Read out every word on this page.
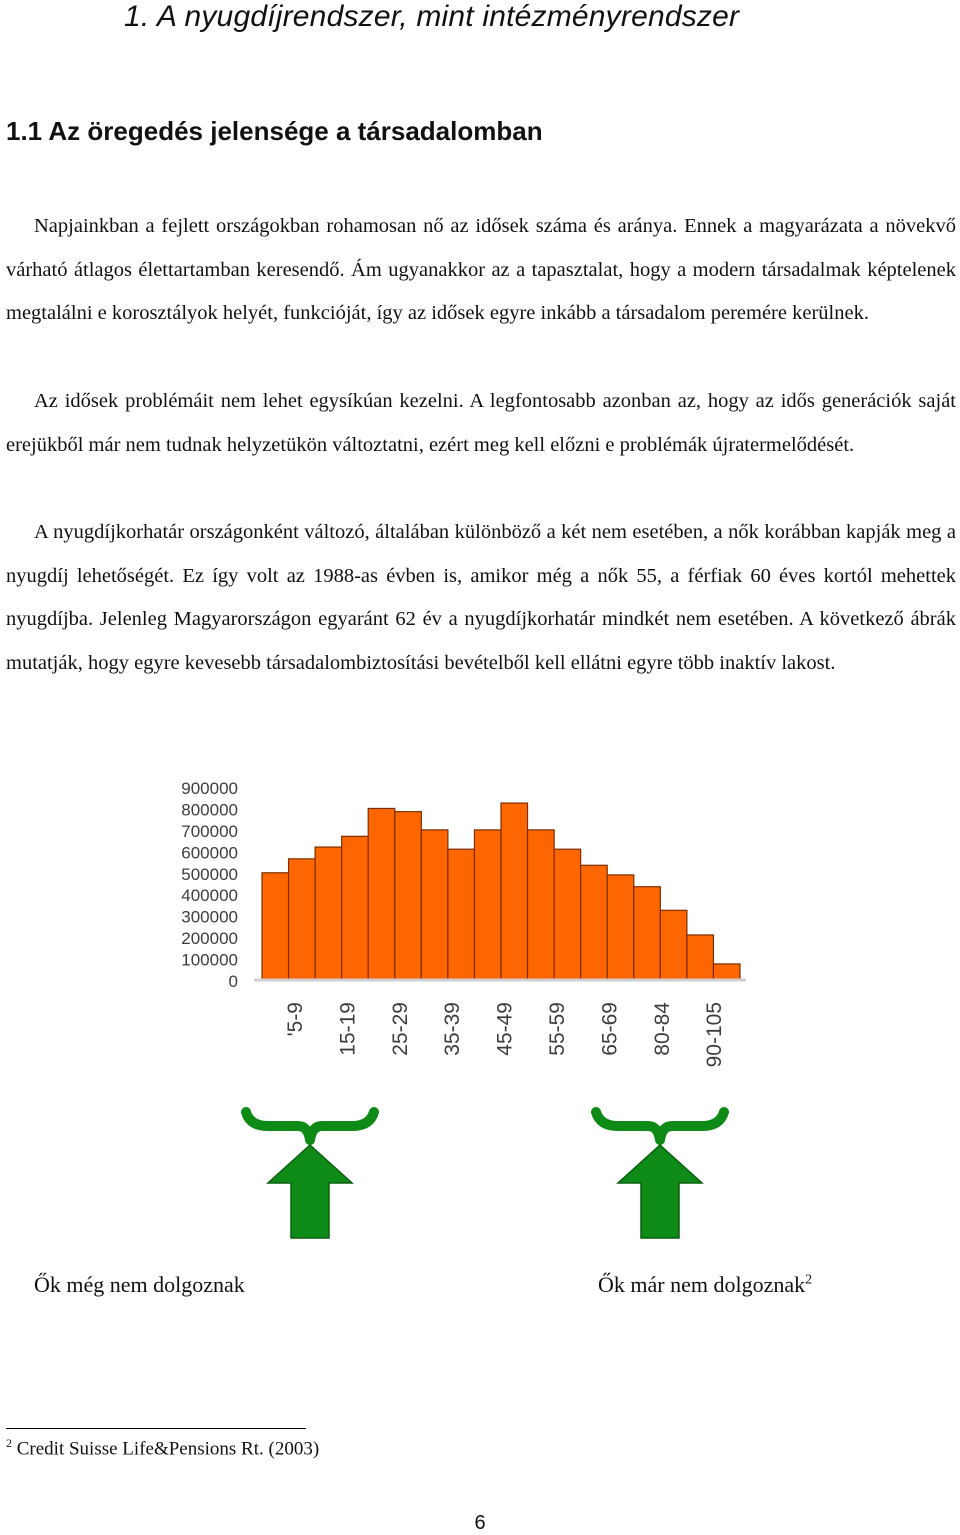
1. A nyugdíjrendszer, mint intézményrendszer
1.1 Az öregedés jelensége a társadalomban

Napjainkban a fejlett országokban rohamosan nő az idősek száma és aránya. Ennek a magyarázata a növekvő várható átlagos élettartamban keresendő. Ám ugyanakkor az a tapasztalat, hogy a modern társadalmak képtelenek megtalálni e korosztályok helyét, funkcióját, így az idősek egyre inkább a társadalom peremére kerülnek.

Az idősek problémáit nem lehet egysíkúan kezelni. A legfontosabb azonban az, hogy az idős generációk saját erejükből már nem tudnak helyzetükön változtatni, ezért meg kell előzni e problémák újratermelődését.

A nyugdíjkorhatár országonként változó, általában különböző a két nem esetében, a nők korábban kapják meg a nyugdíj lehetőségét. Ez így volt az 1988-as évben is, amikor még a nők 55, a férfiak 60 éves kortól mehettek nyugdíjba. Jelenleg Magyarországon egyaránt 62 év a nyugdíjkorhatár mindkét nem esetében. A következő ábrák mutatják, hogy egyre kevesebb társadalombiztosítási bevételből kell ellátni egyre több inaktív lakost.

900000
800000
700000
600000
500000
400000
300000
200000
100000
0
'5-9 15-19 25-29 35-39 45-49 55-59 65-69 80-84 90-105

Ők még nem dolgoznak	Ők már nem dolgoznak$^2$

$^2$ Credit Suisse Life&Pensions Rt. (2003)

6
